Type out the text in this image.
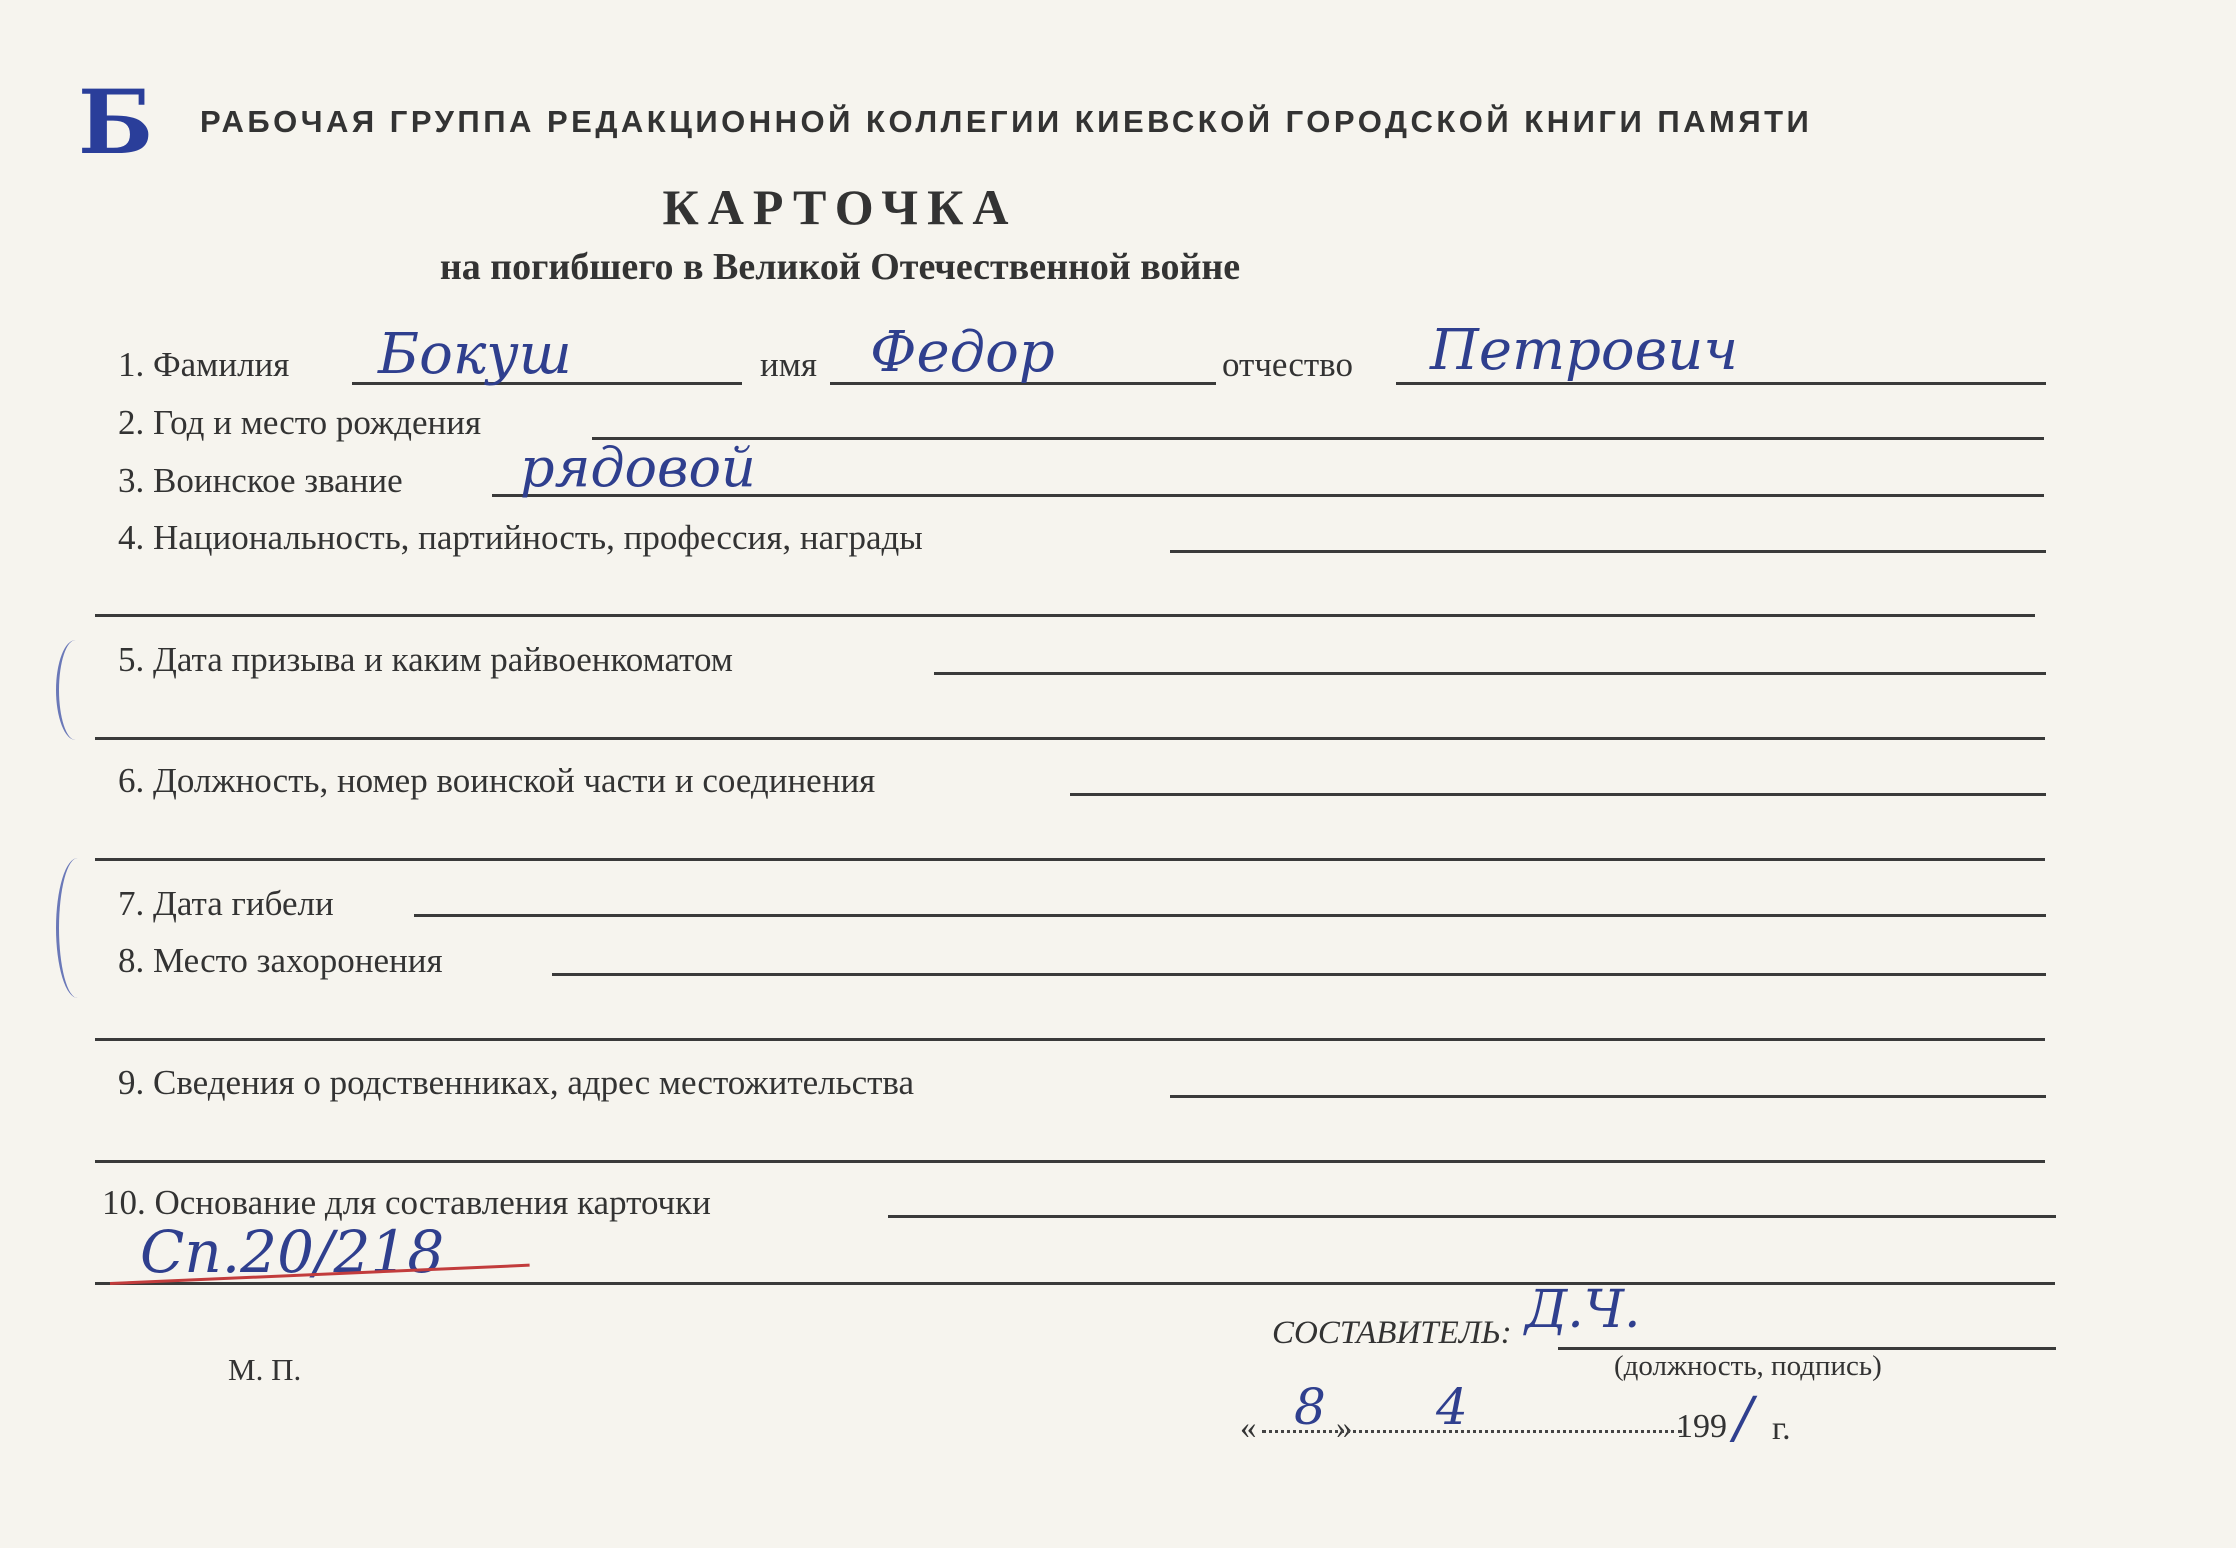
Б РАБОЧАЯ ГРУППА РЕДАКЦИОННОЙ КОЛЛЕГИИ КИЕВСКОЙ ГОРОДСКОЙ КНИГИ ПАМЯТИ
КАРТОЧКА
на погибшего в Великой Отечественной войне
1. Фамилия Бокуш	имя Федор	отчество Петрович
2. Год и место рождения
3. Воинское звание рядовой
4. Национальность, партийность, профессия, награды
5. Дата призыва и каким райвоенкоматом
6. Должность, номер воинской части и соединения
7. Дата гибели
8. Место захоронения
9. Сведения о родственниках, адрес местожительства
10. Основание для составления карточки
Сп.20/218
М. П.
СОСТАВИТЕЛЬ: Д.Ч.
(должность, подпись)
« 8 » 4	199 / г.
